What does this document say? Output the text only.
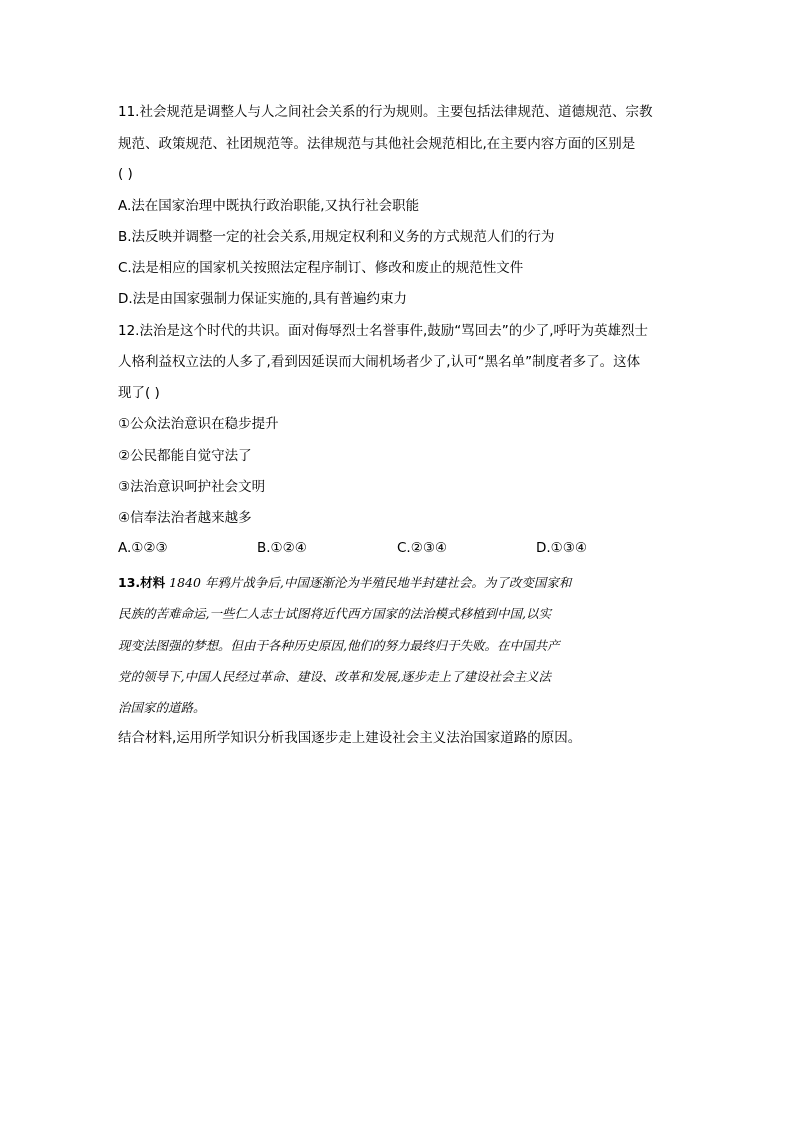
11.社会规范是调整人与人之间社会关系的行为规则。主要包括法律规范、道德规范、宗教
规范、政策规范、社团规范等。法律规范与其他社会规范相比,在主要内容方面的区别是
( )
A.法在国家治理中既执行政治职能,又执行社会职能
B.法反映并调整一定的社会关系,用规定权利和义务的方式规范人们的行为
C.法是相应的国家机关按照法定程序制订、修改和废止的规范性文件
D.法是由国家强制力保证实施的,具有普遍约束力
12.法治是这个时代的共识。面对侮辱烈士名誉事件,鼓励“骂回去”的少了,呼吁为英雄烈士
人格利益权立法的人多了,看到因延误而大闹机场者少了,认可“黑名单”制度者多了。这体
现了( )
①公众法治意识在稳步提升
②公民都能自觉守法了
③法治意识呵护社会文明
④信奉法治者越来越多
A.①②③	B.①②④	C.②③④	D.①③④
13.材料 1840 年鸦片战争后,中国逐渐沦为半殖民地半封建社会。为了改变国家和
民族的苦难命运,一些仁人志士试图将近代西方国家的法治模式移植到中国,以实
现变法图强的梦想。但由于各种历史原因,他们的努力最终归于失败。在中国共产
党的领导下,中国人民经过革命、建设、改革和发展,逐步走上了建设社会主义法
治国家的道路。
结合材料,运用所学知识分析我国逐步走上建设社会主义法治国家道路的原因。
